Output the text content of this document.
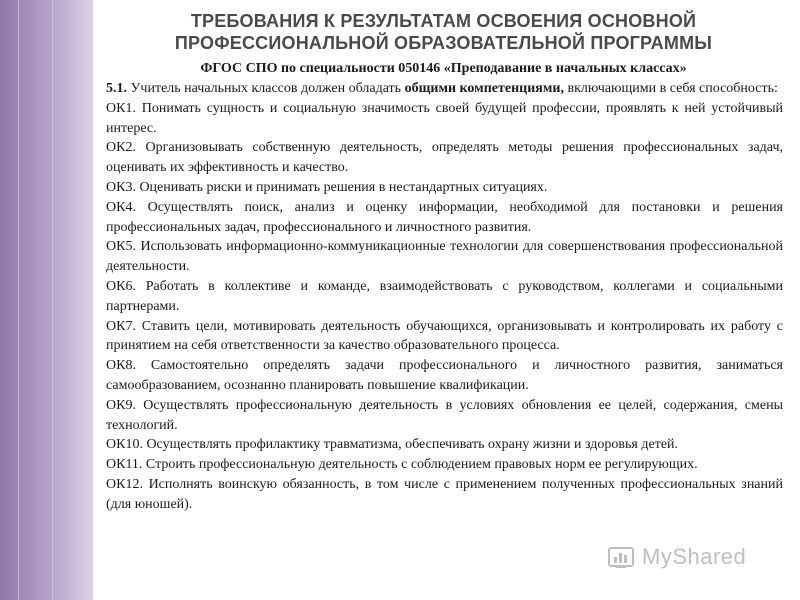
ТРЕБОВАНИЯ К РЕЗУЛЬТАТАМ ОСВОЕНИЯ ОСНОВНОЙ
ПРОФЕССИОНАЛЬНОЙ ОБРАЗОВАТЕЛЬНОЙ ПРОГРАММЫ
ФГОС СПО по специальности 050146 «Преподавание в начальных классах»

5.1. Учитель начальных классов должен обладать общими компетенциями, включающими в себя способность:

ОК1. Понимать сущность и социальную значимость своей будущей профессии, проявлять к ней устойчивый интерес.

ОК2. Организовывать собственную деятельность, определять методы решения профессиональных задач, оценивать их эффективность и качество.

ОК3. Оценивать риски и принимать решения в нестандартных ситуациях.

ОК4. Осуществлять поиск, анализ и оценку информации, необходимой для постановки и решения профессиональных задач, профессионального и личностного развития.

ОК5. Использовать информационно-коммуникационные технологии для совершенствования профессиональной деятельности.

ОК6. Работать в коллективе и команде, взаимодействовать с руководством, коллегами и социальными партнерами.

ОК7. Ставить цели, мотивировать деятельность обучающихся, организовывать и контролировать их работу с принятием на себя ответственности за качество образовательного процесса.

ОК8. Самостоятельно определять задачи профессионального и личностного развития, заниматься самообразованием, осознанно планировать повышение квалификации.

ОК9. Осуществлять профессиональную деятельность в условиях обновления ее целей, содержания, смены технологий.

ОК10. Осуществлять профилактику травматизма, обеспечивать охрану жизни и здоровья детей.

ОК11. Строить профессиональную деятельность с соблюдением правовых норм ее регулирующих.

ОК12. Исполнять воинскую обязанность, в том числе с применением полученных профессиональных знаний (для юношей).

MyShared
